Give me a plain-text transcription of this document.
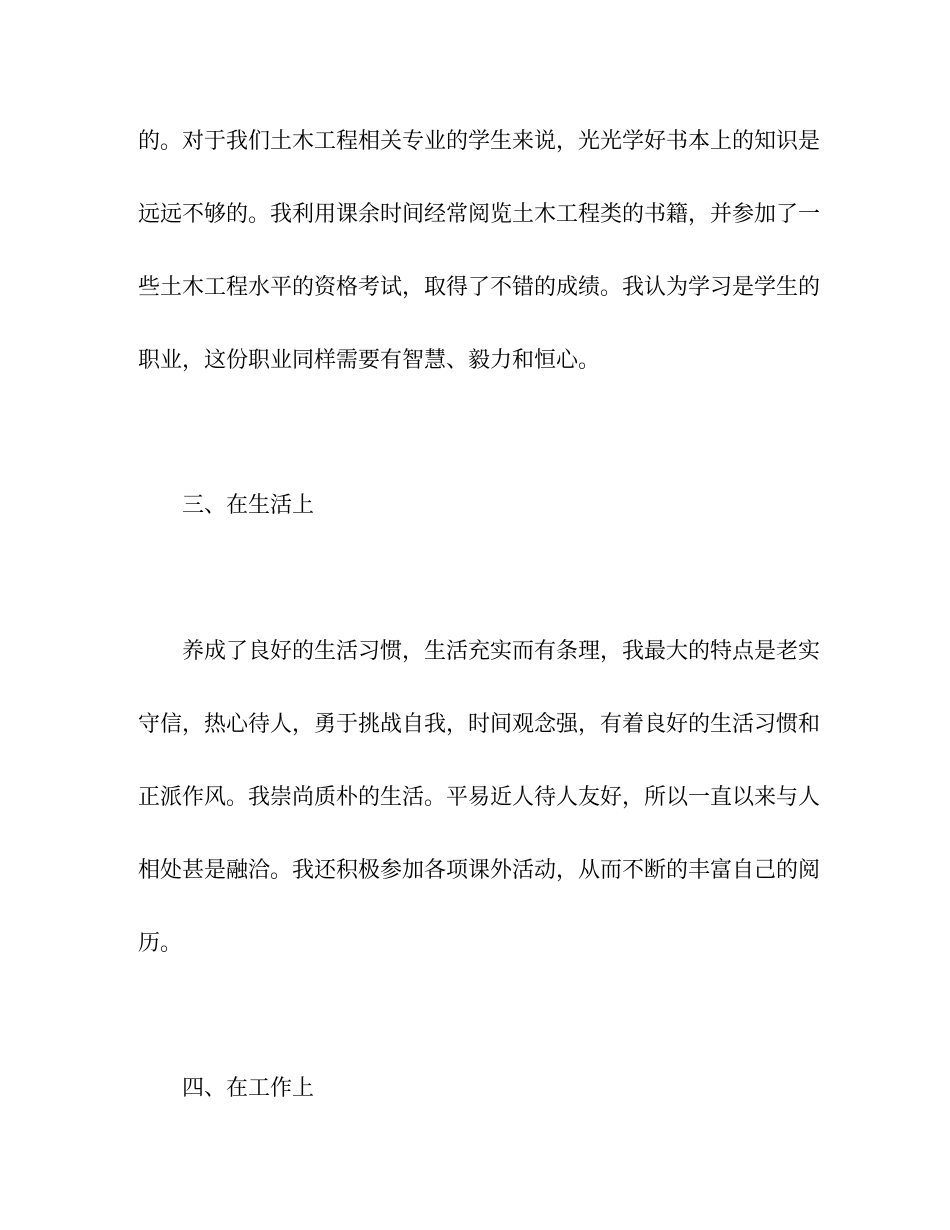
的。对于我们土木工程相关专业的学生来说，光光学好书本上的知识是
远远不够的。我利用课余时间经常阅览土木工程类的书籍，并参加了一
些土木工程水平的资格考试，取得了不错的成绩。我认为学习是学生的
职业，这份职业同样需要有智慧、毅力和恒心。
三、在生活上
养成了良好的生活习惯，生活充实而有条理，我最大的特点是老实
守信，热心待人，勇于挑战自我，时间观念强，有着良好的生活习惯和
正派作风。我崇尚质朴的生活。平易近人待人友好，所以一直以来与人
相处甚是融洽。我还积极参加各项课外活动，从而不断的丰富自己的阅
历。
四、在工作上
